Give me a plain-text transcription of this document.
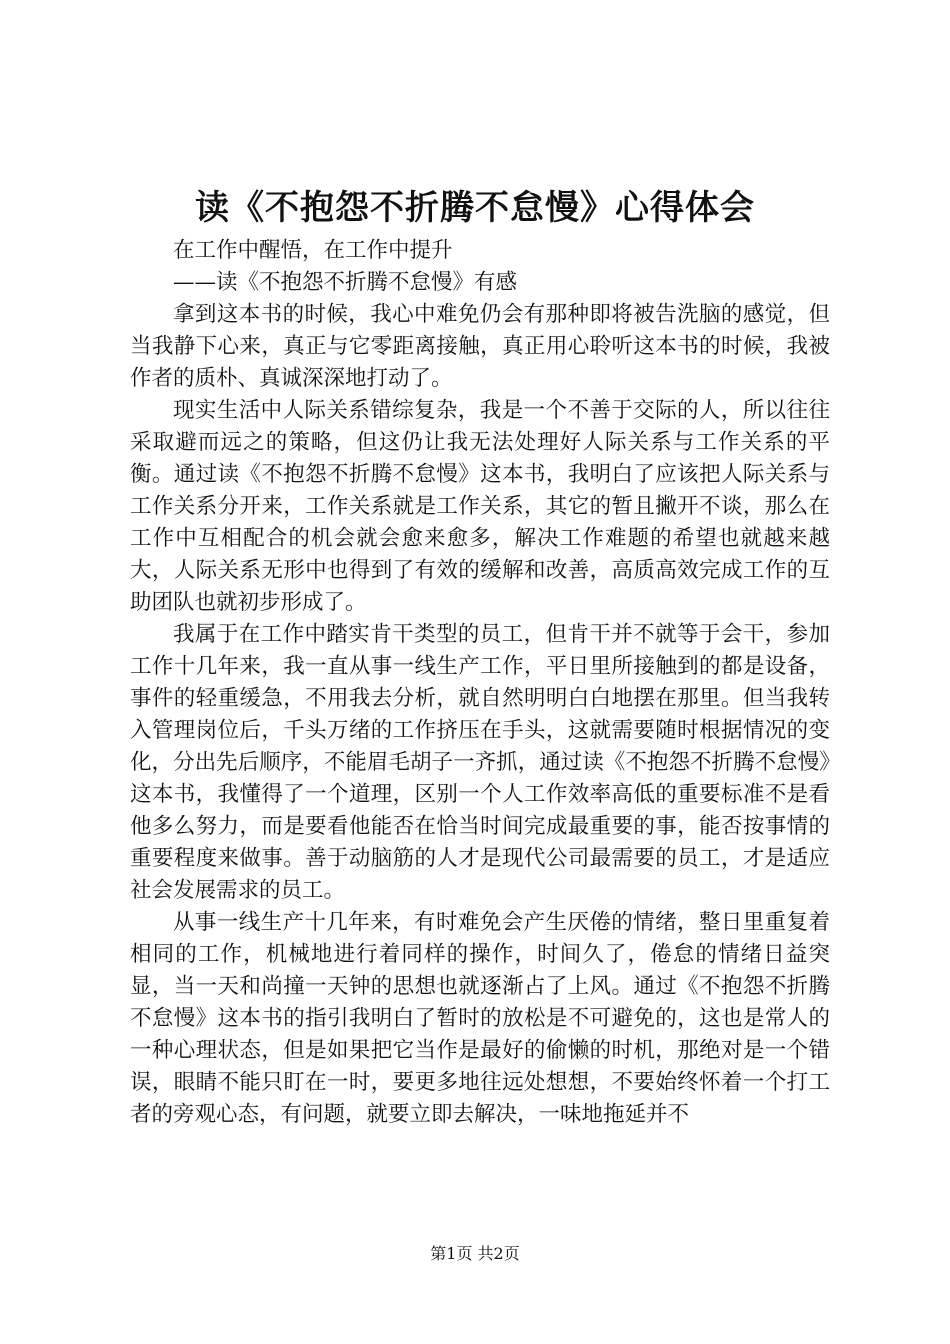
读《不抱怨不折腾不怠慢》心得体会

在工作中醒悟，在工作中提升

——读《不抱怨不折腾不怠慢》有感

拿到这本书的时候，我心中难免仍会有那种即将被告洗脑的感觉，但当我静下心来，真正与它零距离接触，真正用心聆听这本书的时候，我被作者的质朴、真诚深深地打动了。

现实生活中人际关系错综复杂，我是一个不善于交际的人，所以往往采取避而远之的策略，但这仍让我无法处理好人际关系与工作关系的平衡。通过读《不抱怨不折腾不怠慢》这本书，我明白了应该把人际关系与工作关系分开来，工作关系就是工作关系，其它的暂且撇开不谈，那么在工作中互相配合的机会就会愈来愈多，解决工作难题的希望也就越来越大，人际关系无形中也得到了有效的缓解和改善，高质高效完成工作的互助团队也就初步形成了。

我属于在工作中踏实肯干类型的员工，但肯干并不就等于会干，参加工作十几年来，我一直从事一线生产工作，平日里所接触到的都是设备，事件的轻重缓急，不用我去分析，就自然明明白白地摆在那里。但当我转入管理岗位后，千头万绪的工作挤压在手头，这就需要随时根据情况的变化，分出先后顺序，不能眉毛胡子一齐抓，通过读《不抱怨不折腾不怠慢》这本书，我懂得了一个道理，区别一个人工作效率高低的重要标准不是看他多么努力，而是要看他能否在恰当时间完成最重要的事，能否按事情的重要程度来做事。善于动脑筋的人才是现代公司最需要的员工，才是适应社会发展需求的员工。

从事一线生产十几年来，有时难免会产生厌倦的情绪，整日里重复着相同的工作，机械地进行着同样的操作，时间久了，倦怠的情绪日益突显，当一天和尚撞一天钟的思想也就逐渐占了上风。通过《不抱怨不折腾不怠慢》这本书的指引我明白了暂时的放松是不可避免的，这也是常人的一种心理状态，但是如果把它当作是最好的偷懒的时机，那绝对是一个错误，眼睛不能只盯在一时，要更多地往远处想想，不要始终怀着一个打工者的旁观心态，有问题，就要立即去解决，一味地拖延并不

第1页 共2页
